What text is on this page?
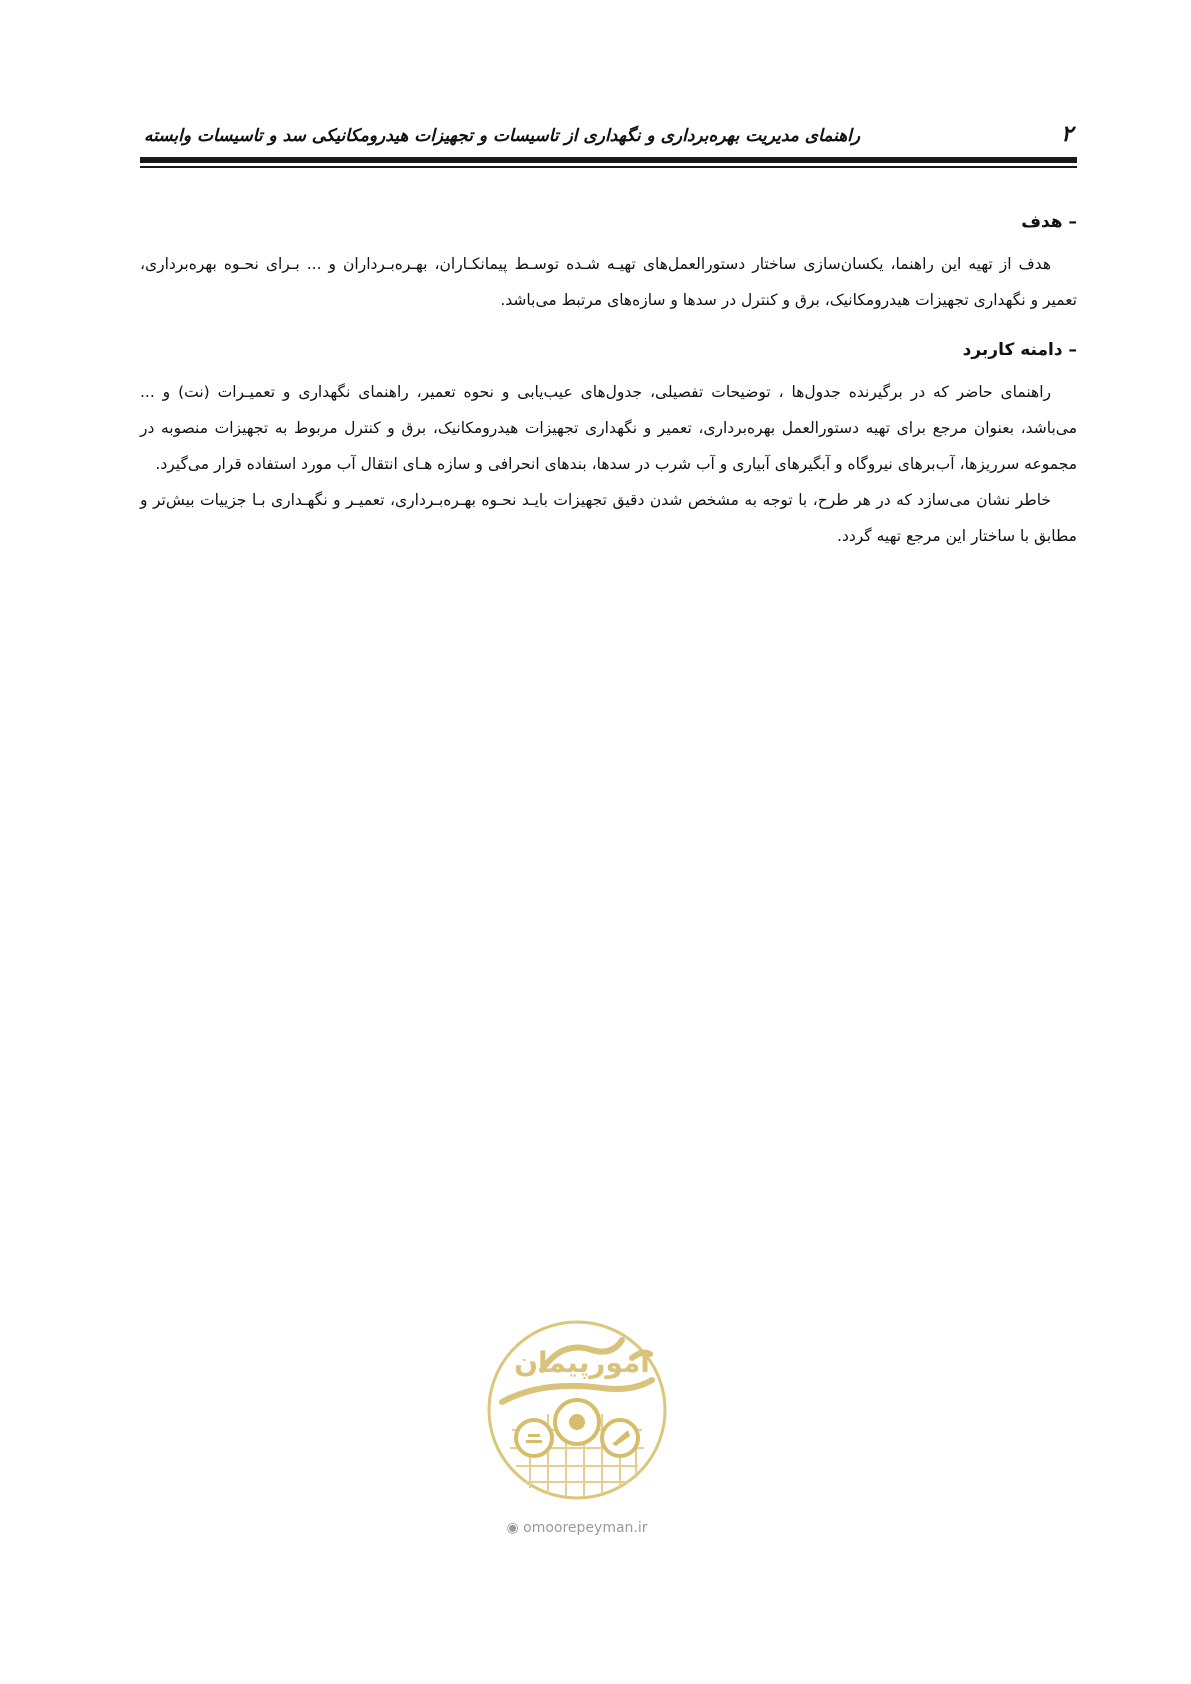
۲
راهنمای مدیریت بهره‌برداری و نگهداری از تاسیسات و تجهیزات هیدرومکانیکی سد و تاسیسات وابسته
– هدف

هدف از تهیه این راهنما، یکسان‌سازی ساختار دستورالعمل‌های تهیـه شـده توسـط پیمانکـاران، بهـره‌بـرداران و ... بـرای نحـوه بهره‌برداری، تعمیر و نگهداری تجهیزات هیدرومکانیک، برق و کنترل در سدها و سازه‌های مرتبط می‌باشد.

– دامنه کاربرد

راهنمای حاضر که در برگیرنده جدول‌ها ، توضیحات تفصیلی، جدول‌های عیب‌یابی و نحوه تعمیر، راهنمای نگهداری و تعمیـرات (نت) و ... می‌باشد، بعنوان مرجع برای تهیه دستورالعمل بهره‌برداری، تعمیر و نگهداری تجهیزات هیدرومکانیک، برق و کنترل مربوط به تجهیزات منصوبه در مجموعه سرریزها، آب‌برهای نیروگاه و آبگیرهای آبیاری و آب شرب در سدها، بندهای انحرافی و سازه هـای انتقال آب مورد استفاده قرار می‌گیرد.

خاطر نشان می‌سازد که در هر طرح، با توجه به مشخص شدن دقیق تجهیزات بایـد نحـوه بهـره‌بـرداری، تعمیـر و نگهـداری بـا جزییات بیش‌تر و مطابق با ساختار این مرجع تهیه گردد.

امورپیمان
◉ omoorepeyman.ir
